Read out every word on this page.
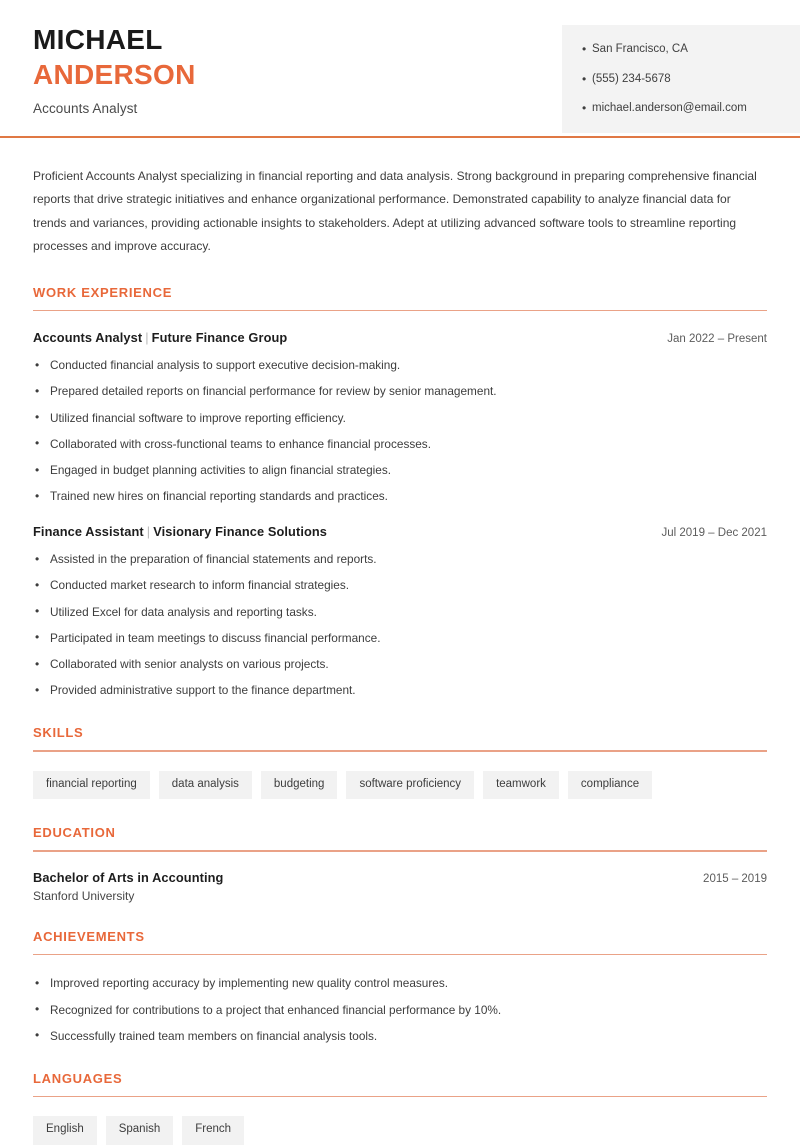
MICHAEL
ANDERSON
Accounts Analyst
• San Francisco, CA
• (555) 234-5678
• michael.anderson@email.com

Proficient Accounts Analyst specializing in financial reporting and data analysis. Strong background in preparing comprehensive financial reports that drive strategic initiatives and enhance organizational performance. Demonstrated capability to analyze financial data for trends and variances, providing actionable insights to stakeholders. Adept at utilizing advanced software tools to streamline reporting processes and improve accuracy.

WORK EXPERIENCE
Accounts Analyst | Future Finance Group	Jan 2022 – Present
• Conducted financial analysis to support executive decision-making.
• Prepared detailed reports on financial performance for review by senior management.
• Utilized financial software to improve reporting efficiency.
• Collaborated with cross-functional teams to enhance financial processes.
• Engaged in budget planning activities to align financial strategies.
• Trained new hires on financial reporting standards and practices.
Finance Assistant | Visionary Finance Solutions	Jul 2019 – Dec 2021
• Assisted in the preparation of financial statements and reports.
• Conducted market research to inform financial strategies.
• Utilized Excel for data analysis and reporting tasks.
• Participated in team meetings to discuss financial performance.
• Collaborated with senior analysts on various projects.
• Provided administrative support to the finance department.
SKILLS
financial reporting	data analysis	budgeting	software proficiency	teamwork	compliance
EDUCATION
Bachelor of Arts in Accounting	2015 – 2019
Stanford University
ACHIEVEMENTS
• Improved reporting accuracy by implementing new quality control measures.
• Recognized for contributions to a project that enhanced financial performance by 10%.
• Successfully trained team members on financial analysis tools.
LANGUAGES
English	Spanish	French
